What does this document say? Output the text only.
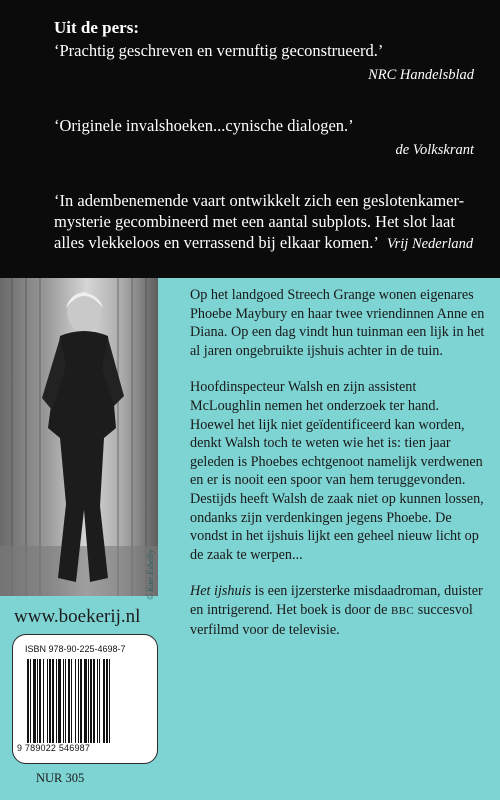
Uit de pers:
‘Prachtig geschreven en vernuftig geconstrueerd.’
NRC Handelsblad
‘Originele invalshoeken...cynische dialogen.’
de Volkskrant
‘In adembenemende vaart ontwikkelt zich een geslotenkamer-mysterie gecombineerd met een aantal subplots. Het slot laat alles vlekkeloos en verrassend bij elkaar komen.’ Vrij Nederland
www.boekerij.nl
ISBN 978-90-225-4698-7
9 789022 546987
NUR 305

Op het landgoed Streech Grange wonen eigenares Phoebe Maybury en haar twee vriendinnen Anne en Diana. Op een dag vindt hun tuinman een lijk in het al jaren ongebruikte ijshuis achter in de tuin.

Hoofdinspecteur Walsh en zijn assistent McLoughlin nemen het onderzoek ter hand. Hoewel het lijk niet geïdentificeerd kan worden, denkt Walsh toch te weten wie het is: tien jaar geleden is Phoebes echtgenoot namelijk verdwenen en er is nooit een spoor van hem teruggevonden. Destijds heeft Walsh de zaak niet op kunnen lossen, ondanks zijn verdenkingen jegens Phoebe. De vondst in het ijshuis lijkt een geheel nieuw licht op de zaak te werpen...

Het ijshuis is een ijzersterke misdaadroman, duister en intrigerend. Het boek is door de BBC succesvol verfilmd voor de televisie.
